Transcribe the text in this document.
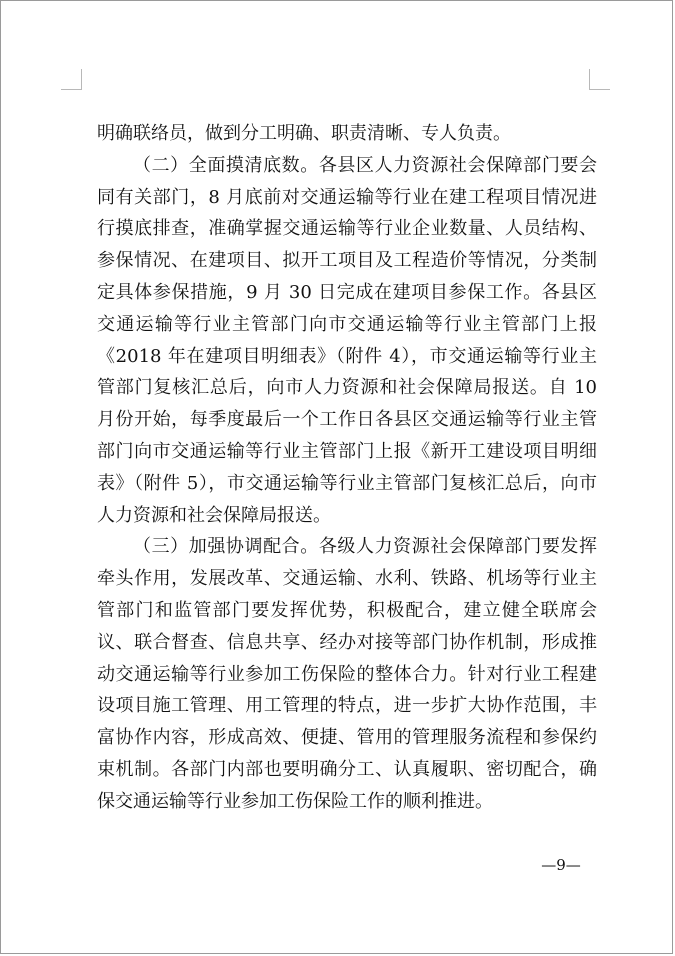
明确联络员，做到分工明确、职责清晰、专人负责。

（二）全面摸清底数。各县区人力资源社会保障部门要会同有关部门，8 月底前对交通运输等行业在建工程项目情况进行摸底排查，准确掌握交通运输等行业企业数量、人员结构、参保情况、在建项目、拟开工项目及工程造价等情况，分类制定具体参保措施，9 月 30 日完成在建项目参保工作。各县区交通运输等行业主管部门向市交通运输等行业主管部门上报《2018 年在建项目明细表》（附件 4），市交通运输等行业主管部门复核汇总后，向市人力资源和社会保障局报送。自 10 月份开始，每季度最后一个工作日各县区交通运输等行业主管部门向市交通运输等行业主管部门上报《新开工建设项目明细表》（附件 5），市交通运输等行业主管部门复核汇总后，向市人力资源和社会保障局报送。

（三）加强协调配合。各级人力资源社会保障部门要发挥牵头作用，发展改革、交通运输、水利、铁路、机场等行业主管部门和监管部门要发挥优势，积极配合，建立健全联席会议、联合督查、信息共享、经办对接等部门协作机制，形成推动交通运输等行业参加工伤保险的整体合力。针对行业工程建设项目施工管理、用工管理的特点，进一步扩大协作范围，丰富协作内容，形成高效、便捷、管用的管理服务流程和参保约束机制。各部门内部也要明确分工、认真履职、密切配合，确保交通运输等行业参加工伤保险工作的顺利推进。

—9—
